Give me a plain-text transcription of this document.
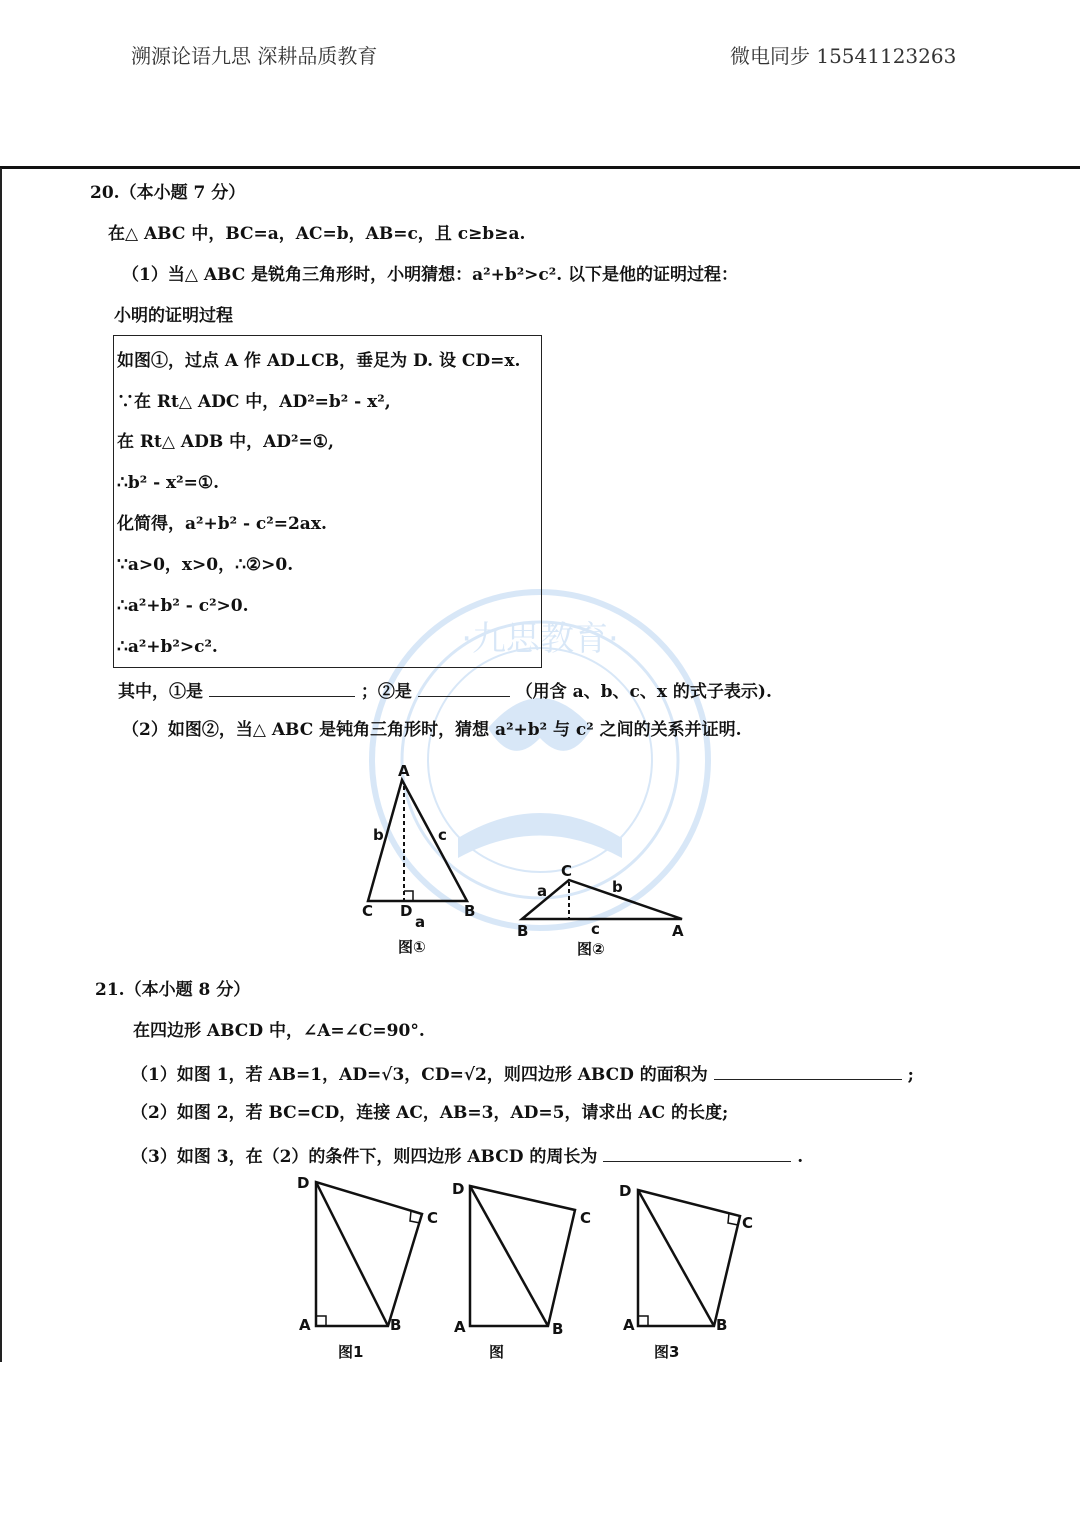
溯源论语九思 深耕品质教育	微电同步 15541123263
·九思教育·
20.（本小题 7 分）
在△ ABC 中，BC=a，AC=b，AB=c，且 c≥b≥a.
（1）当△ ABC 是锐角三角形时，小明猜想：a²+b²>c². 以下是他的证明过程：
小明的证明过程
如图①，过点 A 作 AD⊥CB，垂足为 D. 设 CD=x.
∵在 Rt△ ADC 中，AD²=b² - x²,
在 Rt△ ADB 中，AD²=①,
∴b² - x²=①.
化简得，a²+b² - c²=2ax.
∵a>0，x>0，∴②>0.
∴a²+b² - c²>0.
∴a²+b²>c².
其中，①是	；②是	（用含 a、b、c、x 的式子表示).
（2）如图②，当△ ABC 是钝角三角形时，猜想 a²+b² 与 c² 之间的关系并证明.
A
b	c
C D	B
a
图①
C
a	b
B	c	A
图②
21.（本小题 8 分）
在四边形 ABCD 中，∠A=∠C=90°.
（1）如图 1，若 AB=1，AD=√3，CD=√2，则四边形 ABCD 的面积为	;
（2）如图 2，若 BC=CD，连接 AC，AB=3，AD=5，请求出 AC 的长度;
（3）如图 3，在（2）的条件下，则四边形 ABCD 的周长为	.
D
C
A	B
图1
D
C
A	B
图
D
C
A	B
图3
